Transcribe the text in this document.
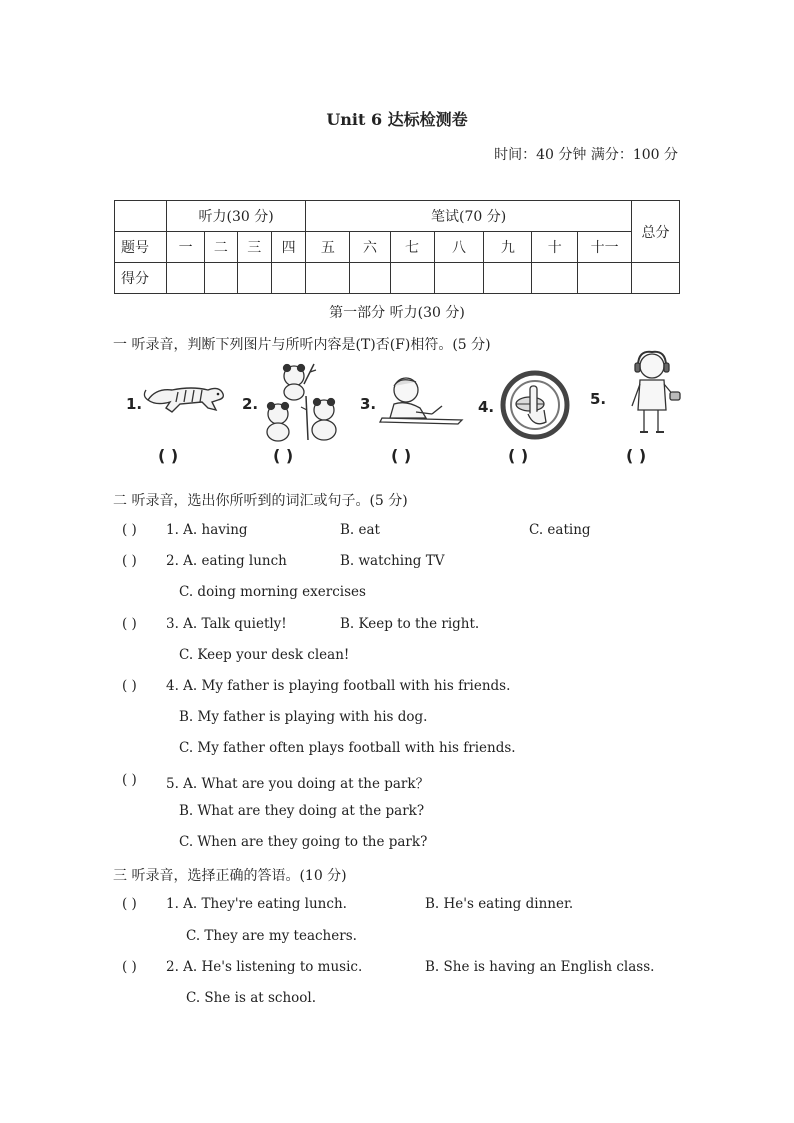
Unit 6 达标检测卷
时间：40 分钟 满分：100 分
	听力(30 分)				笔试(70 分)							总分
题号	一	二	三	四	五	六	七	八	九	十	十一	
得分												
第一部分 听力(30 分)
一 听录音，判断下列图片与所听内容是(T)否(F)相符。(5 分)
1.
( )
2.
( )
3.
( )
4.
( )
5.
( )
二 听录音，选出你所听到的词汇或句子。(5 分)
( ) 1. A. having	B. eat	C. eating
( ) 2. A. eating lunch	B. watching TV
C. doing morning exercises
( ) 3. A. Talk quietly!	B. Keep to the right.
C. Keep your desk clean!
( ) 4. A. My father is playing football with his friends.
B. My father is playing with his dog.
C. My father often plays football with his friends.
( ) 5. A. What are you doing at the park？
B. What are they doing at the park?
C. When are they going to the park?
三 听录音，选择正确的答语。(10 分)
( ) 1. A. They're eating lunch.	B. He's eating dinner.
C. They are my teachers.
( ) 2. A. He's listening to music.	B. She is having an English class.
C. She is at school.
